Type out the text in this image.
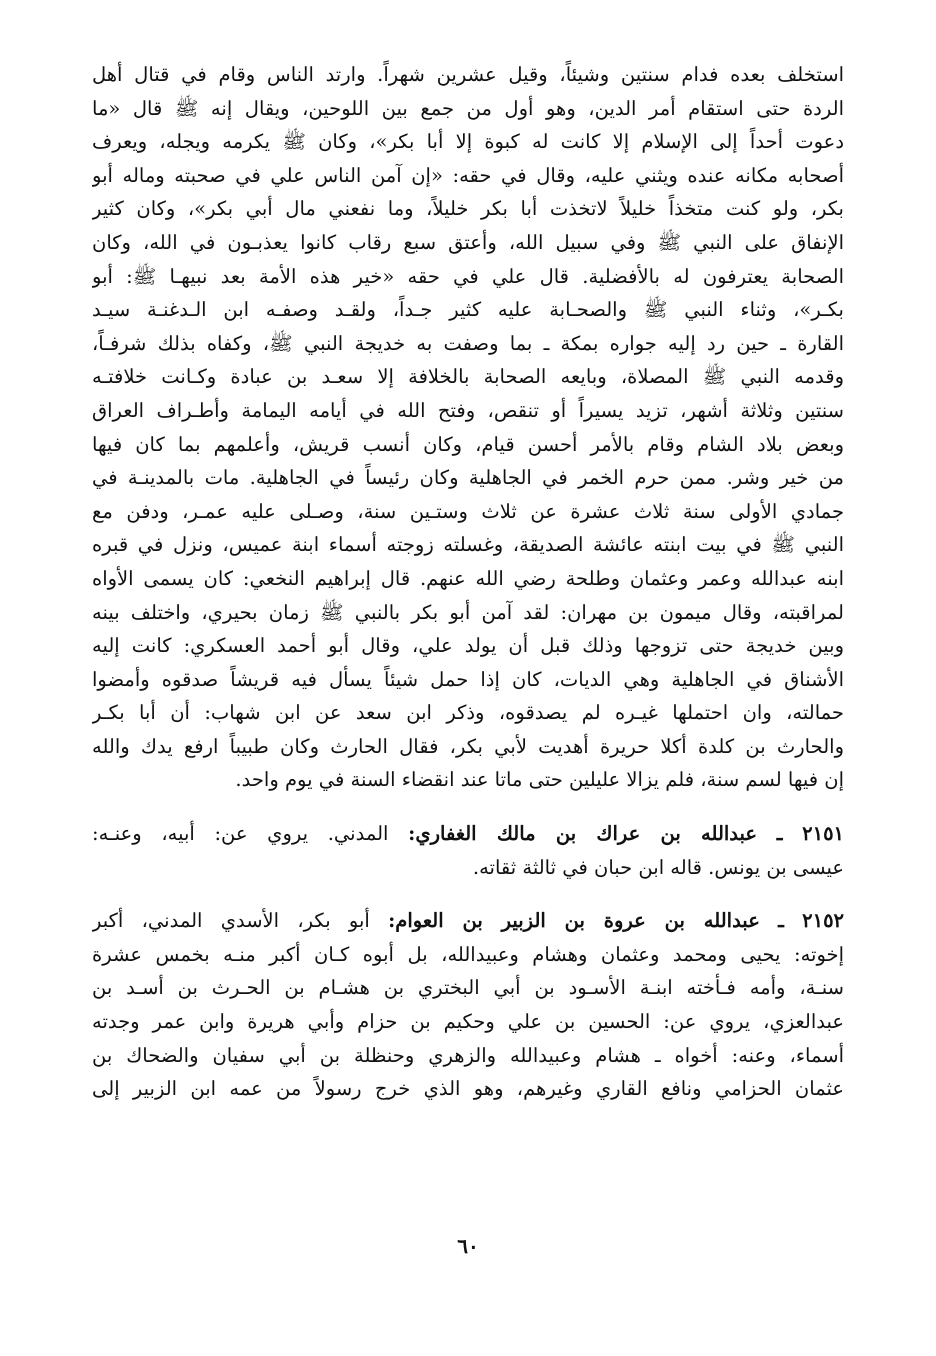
استخلف بعده فدام سنتين وشيئاً، وقيل عشرين شهراً. وارتد الناس وقام في قتال أهل
الردة حتى استقام أمر الدين، وهو أول من جمع بين اللوحين، ويقال إنه ﷺ قال «ما
دعوت أحداً إلى الإسلام إلا كانت له كبوة إلا أبا بكر»، وكان ﷺ يكرمه ويجله، ويعرف
أصحابه مكانه عنده ويثني عليه، وقال في حقه: «إن آمن الناس علي في صحبته وماله أبو
بكر، ولو كنت متخذاً خليلاً لاتخذت أبا بكر خليلاً، وما نفعني مال أبي بكر»، وكان كثير
الإنفاق على النبي ﷺ وفي سبيل الله، وأعتق سبع رقاب كانوا يعذبـون في الله، وكان
الصحابة يعترفون له بالأفضلية. قال علي في حقه «خير هذه الأمة بعد نبيهـا ﷺ: أبو
بكـر»، وثناء النبي ﷺ والصحـابة عليه كثير جـداً، ولقـد وصفـه ابن الـدغنـة سيـد
القارة ـ حين رد إليه جواره بمكة ـ بما وصفت به خديجة النبي ﷺ، وكفاه بذلك شرفـاً،
وقدمه النبي ﷺ المصلاة، وبايعه الصحابة بالخلافة إلا سعـد بن عبادة وكـانت خلافتـه
سنتين وثلاثة أشهر، تزيد يسيراً أو تنقص، وفتح الله في أيامه اليمامة وأطـراف العراق
وبعض بلاد الشام وقام بالأمر أحسن قيام، وكان أنسب قريش، وأعلمهم بما كان فيها
من خير وشر. ممن حرم الخمر في الجاهلية وكان رئيساً في الجاهلية. مات بالمدينـة في
جمادي الأولى سنة ثلاث عشرة عن ثلاث وستـين سنة، وصـلى عليه عمـر، ودفن مع
النبي ﷺ في بيت ابنته عائشة الصديقة، وغسلته زوجته أسماء ابنة عميس، ونزل في قبره
ابنه عبدالله وعمر وعثمان وطلحة رضي الله عنهم. قال إبراهيم النخعي: كان يسمى الأواه
لمراقبته، وقال ميمون بن مهران: لقد آمن أبو بكر بالنبي ﷺ زمان بحيري، واختلف بينه
وبين خديجة حتى تزوجها وذلك قبل أن يولد علي، وقال أبو أحمد العسكري: كانت إليه
الأشناق في الجاهلية وهي الديات، كان إذا حمل شيئاً يسأل فيه قريشاً صدقوه وأمضوا
حمالته، وان احتملها غيـره لم يصدقوه، وذكر ابن سعد عن ابن شهاب: أن أبا بكـر
والحارث بن كلدة أكلا حريرة أهديت لأبي بكر، فقال الحارث وكان طبيباً ارفع يدك والله
إن فيها لسم سنة، فلم يزالا عليلين حتى ماتا عند انقضاء السنة في يوم واحد.
٢١٥١ ـ عبدالله بن عراك بن مالك الغفاري: المدني. يروي عن: أبيه، وعنـه:
عيسى بن يونس. قاله ابن حبان في ثالثة ثقاته.
٢١٥٢ ـ عبدالله بن عروة بن الزبير بن العوام: أبو بكر، الأسدي المدني، أكبر
إخوته: يحيى ومحمد وعثمان وهشام وعبيدالله، بل أبوه كـان أكبر منـه بخمس عشرة
سنـة، وأمه فـأخته ابنـة الأسـود بن أبي البختري بن هشـام بن الحـرث بن أسـد بن
عبدالعزي، يروي عن: الحسين بن علي وحكيم بن حزام وأبي هريرة وابن عمر وجدته
أسماء، وعنه: أخواه ـ هشام وعبيدالله والزهري وحنظلة بن أبي سفيان والضحاك بن
عثمان الحزامي ونافع القاري وغيرهم، وهو الذي خرج رسولاً من عمه ابن الزبير إلى
٦٠
